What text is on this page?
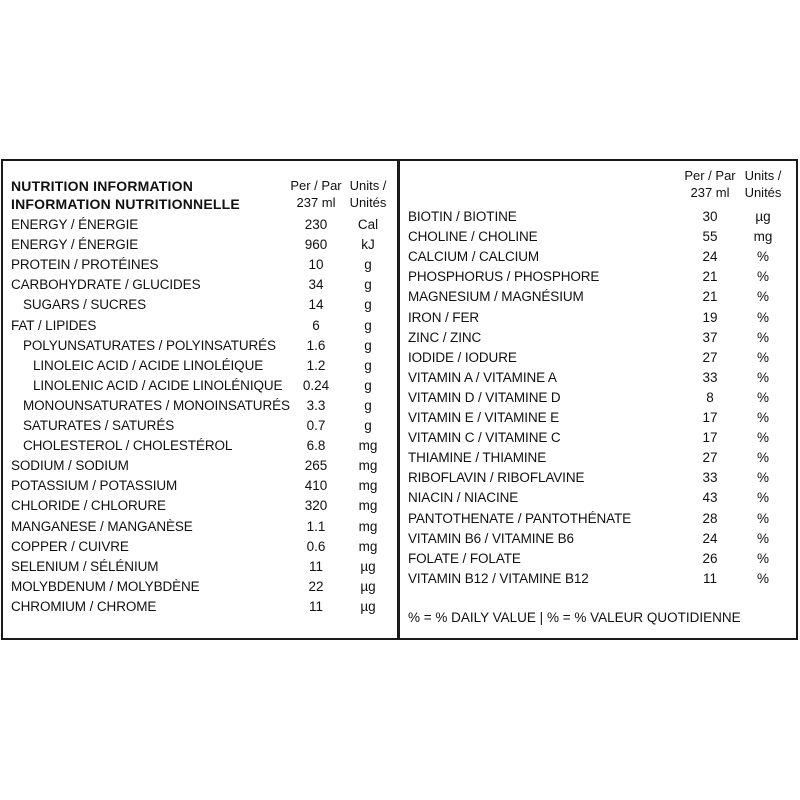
NUTRITION INFORMATION
INFORMATION NUTRITIONNELLE
Per / Par
237 ml
Units /
Unités
ENERGY / ÉNERGIE	230	Cal
ENERGY / ÉNERGIE	960	kJ
PROTEIN / PROTÉINES	10	g
CARBOHYDRATE / GLUCIDES	34	g
SUGARS / SUCRES	14	g
FAT / LIPIDES	6	g
POLYUNSATURATES / POLYINSATURÉS	1.6	g
LINOLEIC ACID / ACIDE LINOLÉIQUE	1.2	g
LINOLENIC ACID / ACIDE LINOLÉNIQUE	0.24	g
MONOUNSATURATES / MONOINSATURÉS	3.3	g
SATURATES / SATURÉS	0.7	g
CHOLESTEROL / CHOLESTÉROL	6.8	mg
SODIUM / SODIUM	265	mg
POTASSIUM / POTASSIUM	410	mg
CHLORIDE / CHLORURE	320	mg
MANGANESE / MANGANÈSE	1.1	mg
COPPER / CUIVRE	0.6	mg
SELENIUM / SÉLÉNIUM	11	µg
MOLYBDENUM / MOLYBDÈNE	22	µg
CHROMIUM / CHROME	11	µg
Per / Par
237 ml
Units /
Unités
BIOTIN / BIOTINE	30	µg
CHOLINE / CHOLINE	55	mg
CALCIUM / CALCIUM	24	%
PHOSPHORUS / PHOSPHORE	21	%
MAGNESIUM / MAGNÉSIUM	21	%
IRON / FER	19	%
ZINC / ZINC	37	%
IODIDE / IODURE	27	%
VITAMIN A / VITAMINE A	33	%
VITAMIN D / VITAMINE D	8	%
VITAMIN E / VITAMINE E	17	%
VITAMIN C / VITAMINE C	17	%
THIAMINE / THIAMINE	27	%
RIBOFLAVIN / RIBOFLAVINE	33	%
NIACIN / NIACINE	43	%
PANTOTHENATE / PANTOTHÉNATE	28	%
VITAMIN B6 / VITAMINE B6	24	%
FOLATE / FOLATE	26	%
VITAMIN B12 / VITAMINE B12	11	%
% = % DAILY VALUE | % = % VALEUR QUOTIDIENNE
